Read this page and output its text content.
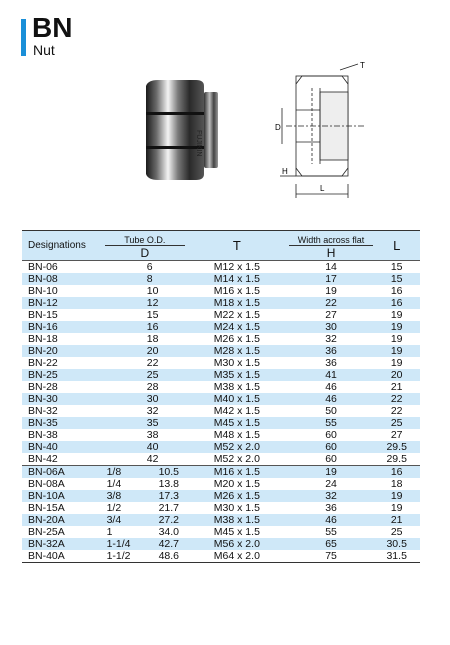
BN
Nut
FUJIKIN
T
D
H
L
Designations	Tube O.D.		T	Width across flat	L
	D			H	
BN-06		6	M12 x 1.5	14	15
BN-08		8	M14 x 1.5	17	15
BN-10		10	M16 x 1.5	19	16
BN-12		12	M18 x 1.5	22	16
BN-15		15	M22 x 1.5	27	19
BN-16		16	M24 x 1.5	30	19
BN-18		18	M26 x 1.5	32	19
BN-20		20	M28 x 1.5	36	19
BN-22		22	M30 x 1.5	36	19
BN-25		25	M35 x 1.5	41	20
BN-28		28	M38 x 1.5	46	21
BN-30		30	M40 x 1.5	46	22
BN-32		32	M42 x 1.5	50	22
BN-35		35	M45 x 1.5	55	25
BN-38		38	M48 x 1.5	60	27
BN-40		40	M52 x 2.0	60	29.5
BN-42		42	M52 x 2.0	60	29.5
BN-06A	1/8	10.5	M16 x 1.5	19	16
BN-08A	1/4	13.8	M20 x 1.5	24	18
BN-10A	3/8	17.3	M26 x 1.5	32	19
BN-15A	1/2	21.7	M30 x 1.5	36	19
BN-20A	3/4	27.2	M38 x 1.5	46	21
BN-25A	1	34.0	M45 x 1.5	55	25
BN-32A	1-1/4	42.7	M56 x 2.0	65	30.5
BN-40A	1-1/2	48.6	M64 x 2.0	75	31.5
